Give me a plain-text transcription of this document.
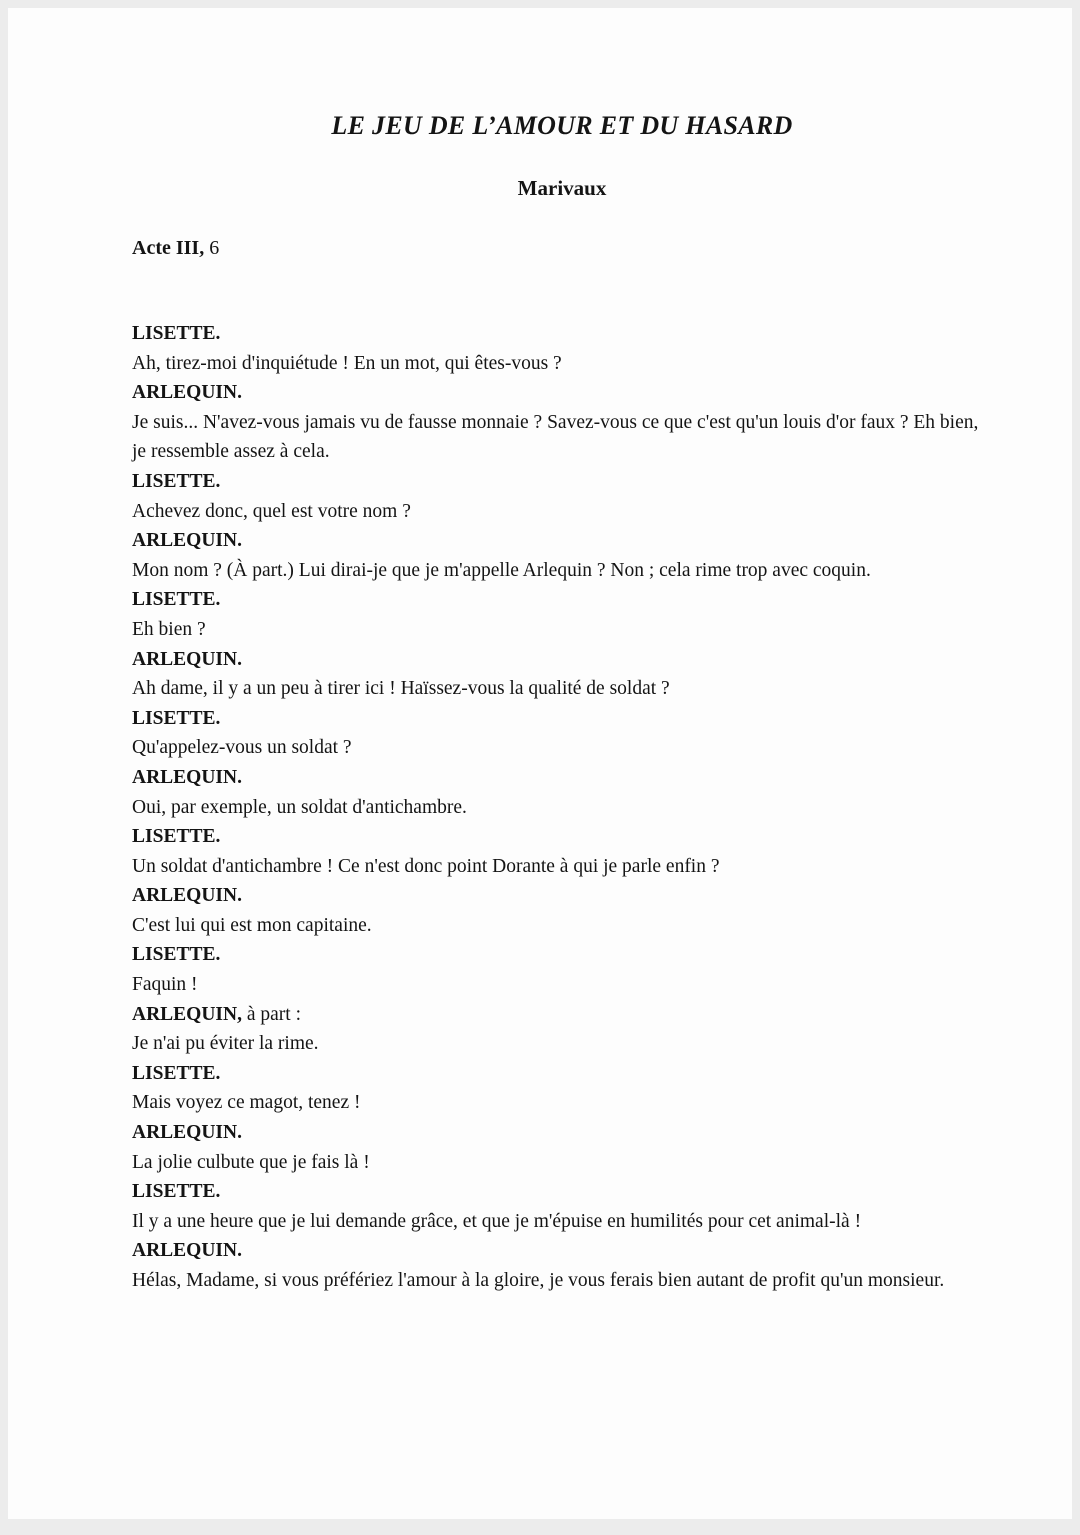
LE JEU DE L’AMOUR ET DU HASARD
Marivaux

Acte III, 6

LISETTE.

Ah, tirez-moi d'inquiétude ! En un mot, qui êtes-vous ?

ARLEQUIN.

Je suis... N'avez-vous jamais vu de fausse monnaie ? Savez-vous ce que c'est qu'un louis d'or faux ? Eh bien, je ressemble assez à cela.

LISETTE.

Achevez donc, quel est votre nom ?

ARLEQUIN.

Mon nom ? (À part.) Lui dirai-je que je m'appelle Arlequin ? Non ; cela rime trop avec coquin.

LISETTE.

Eh bien ?

ARLEQUIN.

Ah dame, il y a un peu à tirer ici ! Haïssez-vous la qualité de soldat ?

LISETTE.

Qu'appelez-vous un soldat ?

ARLEQUIN.

Oui, par exemple, un soldat d'antichambre.

LISETTE.

Un soldat d'antichambre ! Ce n'est donc point Dorante à qui je parle enfin ?

ARLEQUIN.

C'est lui qui est mon capitaine.

LISETTE.

Faquin !

ARLEQUIN, à part :

Je n'ai pu éviter la rime.

LISETTE.

Mais voyez ce magot, tenez !

ARLEQUIN.

La jolie culbute que je fais là !

LISETTE.

Il y a une heure que je lui demande grâce, et que je m'épuise en humilités pour cet animal-là !

ARLEQUIN.

Hélas, Madame, si vous préfériez l'amour à la gloire, je vous ferais bien autant de profit qu'un monsieur.
